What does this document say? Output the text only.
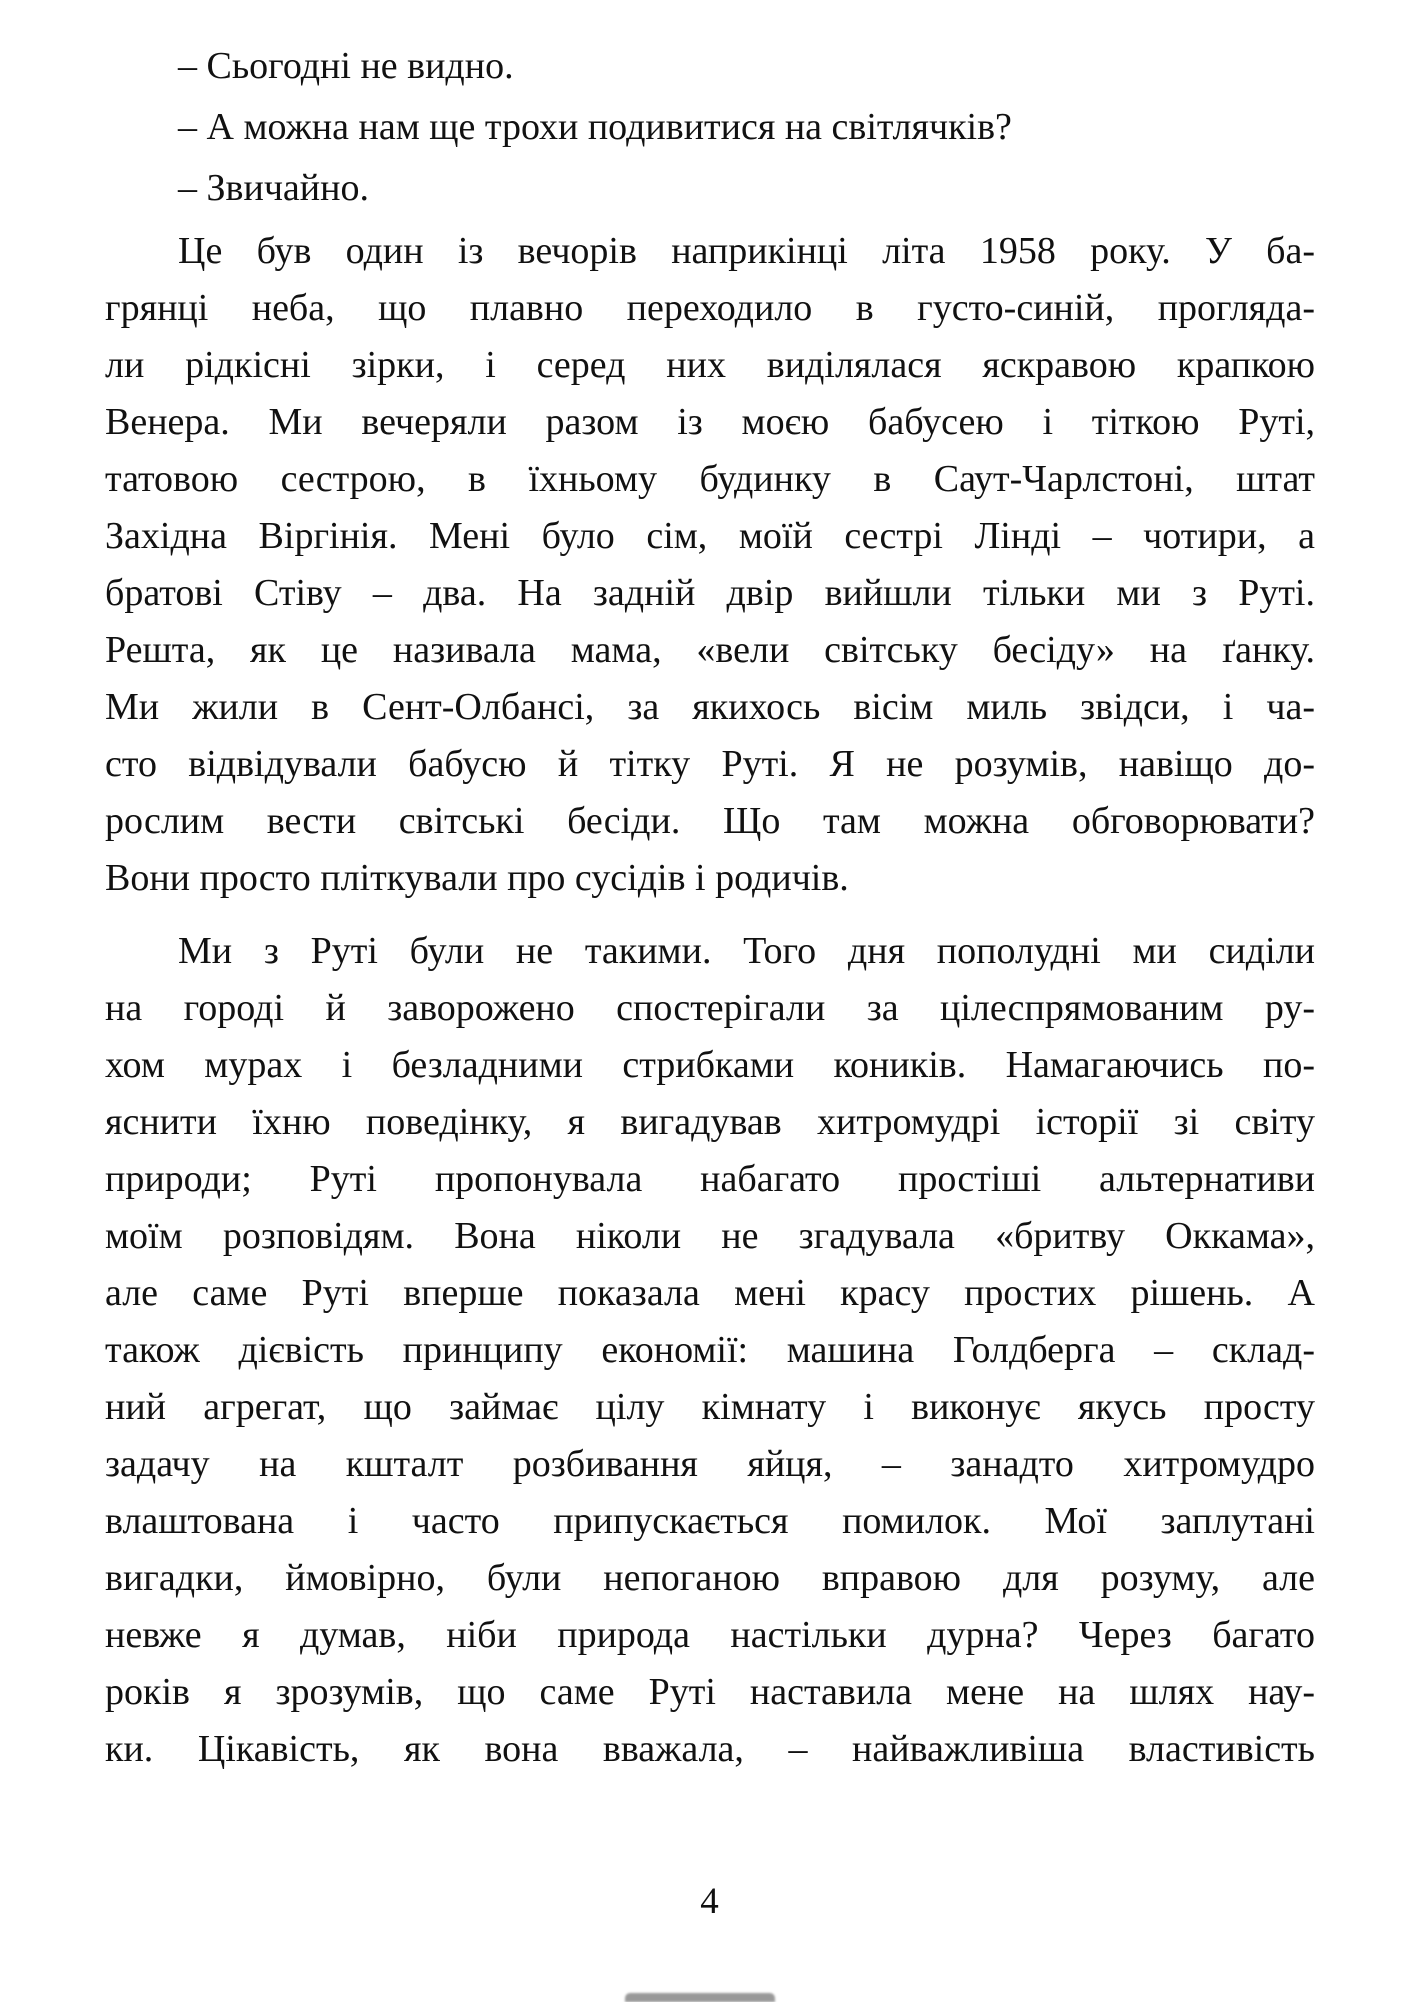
– Сьогодні не видно.
– А можна нам ще трохи подивитися на світлячків?
– Звичайно.
Це був один із вечорів наприкінці літа 1958 року. У ба-
грянці неба, що плавно переходило в густо-синій, прогляда-
ли рідкісні зірки, і серед них виділялася яскравою крапкою
Венера. Ми вечеряли разом із моєю бабусею і тіткою Руті,
татовою сестрою, в їхньому будинку в Саут-Чарлстоні, штат
Західна Віргінія. Мені було сім, моїй сестрі Лінді – чотири, а
братові Стіву – два. На задній двір вийшли тільки ми з Руті.
Решта, як це називала мама, «вели світську бесіду» на ґанку.
Ми жили в Сент-Олбансі, за якихось вісім миль звідси, і ча-
сто відвідували бабусю й тітку Руті. Я не розумів, навіщо до-
рослим вести світські бесіди. Що там можна обговорювати?
Вони просто пліткували про сусідів і родичів.
Ми з Руті були не такими. Того дня пополудні ми сиділи
на городі й заворожено спостерігали за цілеспрямованим ру-
хом мурах і безладними стрибками коників. Намагаючись по-
яснити їхню поведінку, я вигадував хитромудрі історії зі світу
природи; Руті пропонувала набагато простіші альтернативи
моїм розповідям. Вона ніколи не згадувала «бритву Оккама»,
але саме Руті вперше показала мені красу простих рішень. А
також дієвість принципу економії: машина Голдберга – склад-
ний агрегат, що займає цілу кімнату і виконує якусь просту
задачу на кшталт розбивання яйця, – занадто хитромудро
влаштована і часто припускається помилок. Мої заплутані
вигадки, ймовірно, були непоганою вправою для розуму, але
невже я думав, ніби природа настільки дурна? Через багато
років я зрозумів, що саме Руті наставила мене на шлях нау-
ки. Цікавість, як вона вважала, – найважливіша властивість
4
